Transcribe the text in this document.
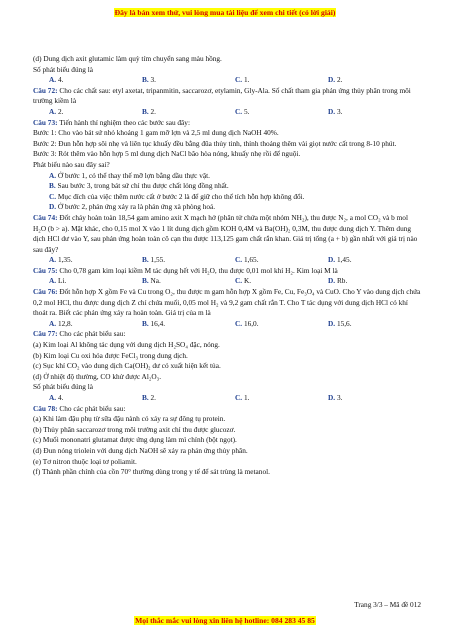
Đây là bản xem thử, vui lòng mua tài liệu để xem chi tiết (có lời giải)

(d) Dung dịch axit glutamic làm quỳ tím chuyển sang màu hồng.

Số phát biểu đúng là

A. 4.	B. 3.	C. 1.	D. 2.

Câu 72: Cho các chất sau: etyl axetat, tripanmitin, saccarozơ, etylamin, Gly-Ala. Số chất tham gia phản ứng thủy phân trong môi trường kiềm là

A. 2.	B. 2.	C. 5.	D. 3.

Câu 73: Tiến hành thí nghiệm theo các bước sau đây:

Bước 1: Cho vào bát sứ nhỏ khoảng 1 gam mỡ lợn và 2,5 ml dung dịch NaOH 40%.

Bước 2: Đun hỗn hợp sôi nhẹ và liên tục khuấy đều bằng đũa thủy tinh, thỉnh thoảng thêm vài giọt nước cất trong 8-10 phút.

Bước 3: Rót thêm vào hỗn hợp 5 ml dung dịch NaCl bão hòa nóng, khuấy nhẹ rồi để nguội.

Phát biểu nào sau đây sai?

A. Ở bước 1, có thể thay thế mỡ lợn bằng dầu thực vật.

B. Sau bước 3, trong bát sứ chỉ thu được chất lỏng đồng nhất.

C. Mục đích của việc thêm nước cất ở bước 2 là để giữ cho thể tích hỗn hợp không đổi.

D. Ở bước 2, phản ứng xảy ra là phản ứng xà phòng hoá.

Câu 74: Đốt cháy hoàn toàn 18,54 gam amino axit X mạch hở (phân tử chứa một nhóm NH₂), thu được N₂, a mol CO₂ và b mol H₂O (b > a). Mặt khác, cho 0,15 mol X vào 1 lít dung dịch gồm KOH 0,4M và Ba(OH)₂ 0,3M, thu được dung dịch Y. Thêm dung dịch HCl dư vào Y, sau phản ứng hoàn toàn cô cạn thu được 113,125 gam chất rắn khan. Giá trị tổng (a + b) gần nhất với giá trị nào sau đây?

A. 1,35.	B. 1,55.	C. 1,65.	D. 1,45.

Câu 75: Cho 0,78 gam kim loại kiềm M tác dụng hết với H₂O, thu được 0,01 mol khí H₂. Kim loại M là

A. Li.	B. Na.	C. K.	D. Rb.

Câu 76: Đốt hỗn hợp X gồm Fe và Cu trong O₂, thu được m gam hỗn hợp X gồm Fe, Cu, Fe₃O₄ và CuO. Cho Y vào dung dịch chứa 0,2 mol HCl, thu được dung dịch Z chỉ chứa muối, 0,05 mol H₂ và 9,2 gam chất rắn T. Cho T tác dụng với dung dịch HCl có khí thoát ra. Biết các phản ứng xảy ra hoàn toàn. Giá trị của m là

A. 12,8.	B. 16,4.	C. 16,0.	D. 15,6.

Câu 77: Cho các phát biểu sau:

(a) Kim loại Al không tác dụng với dung dịch H₂SO₄ đặc, nóng.

(b) Kim loại Cu oxi hóa được FeCl₃ trong dung dịch.

(c) Sục khí CO₂ vào dung dịch Ca(OH)₂ dư có xuất hiện kết tủa.

(d) Ở nhiệt độ thường, CO khử được Al₂O₃.

Số phát biểu đúng là

A. 4.	B. 2.	C. 1.	D. 3.

Câu 78: Cho các phát biểu sau:

(a) Khi làm đậu phụ từ sữa đậu nành có xảy ra sự đông tụ protein.

(b) Thủy phân saccarozơ trong môi trường axit chỉ thu được glucozơ.

(c) Muối mononatri glutamat được ứng dụng làm mì chính (bột ngọt).

(d) Đun nóng triolein với dung dịch NaOH sẽ xảy ra phản ứng thủy phân.

(e) Tơ nitron thuộc loại tơ poliamit.

(f) Thành phần chính của cồn 70° thường dùng trong y tế để sát trùng là metanol.

Trang 3/3 – Mã đề 012
Mọi thắc mắc vui lòng xin liên hệ hotline: 084 283 45 85
